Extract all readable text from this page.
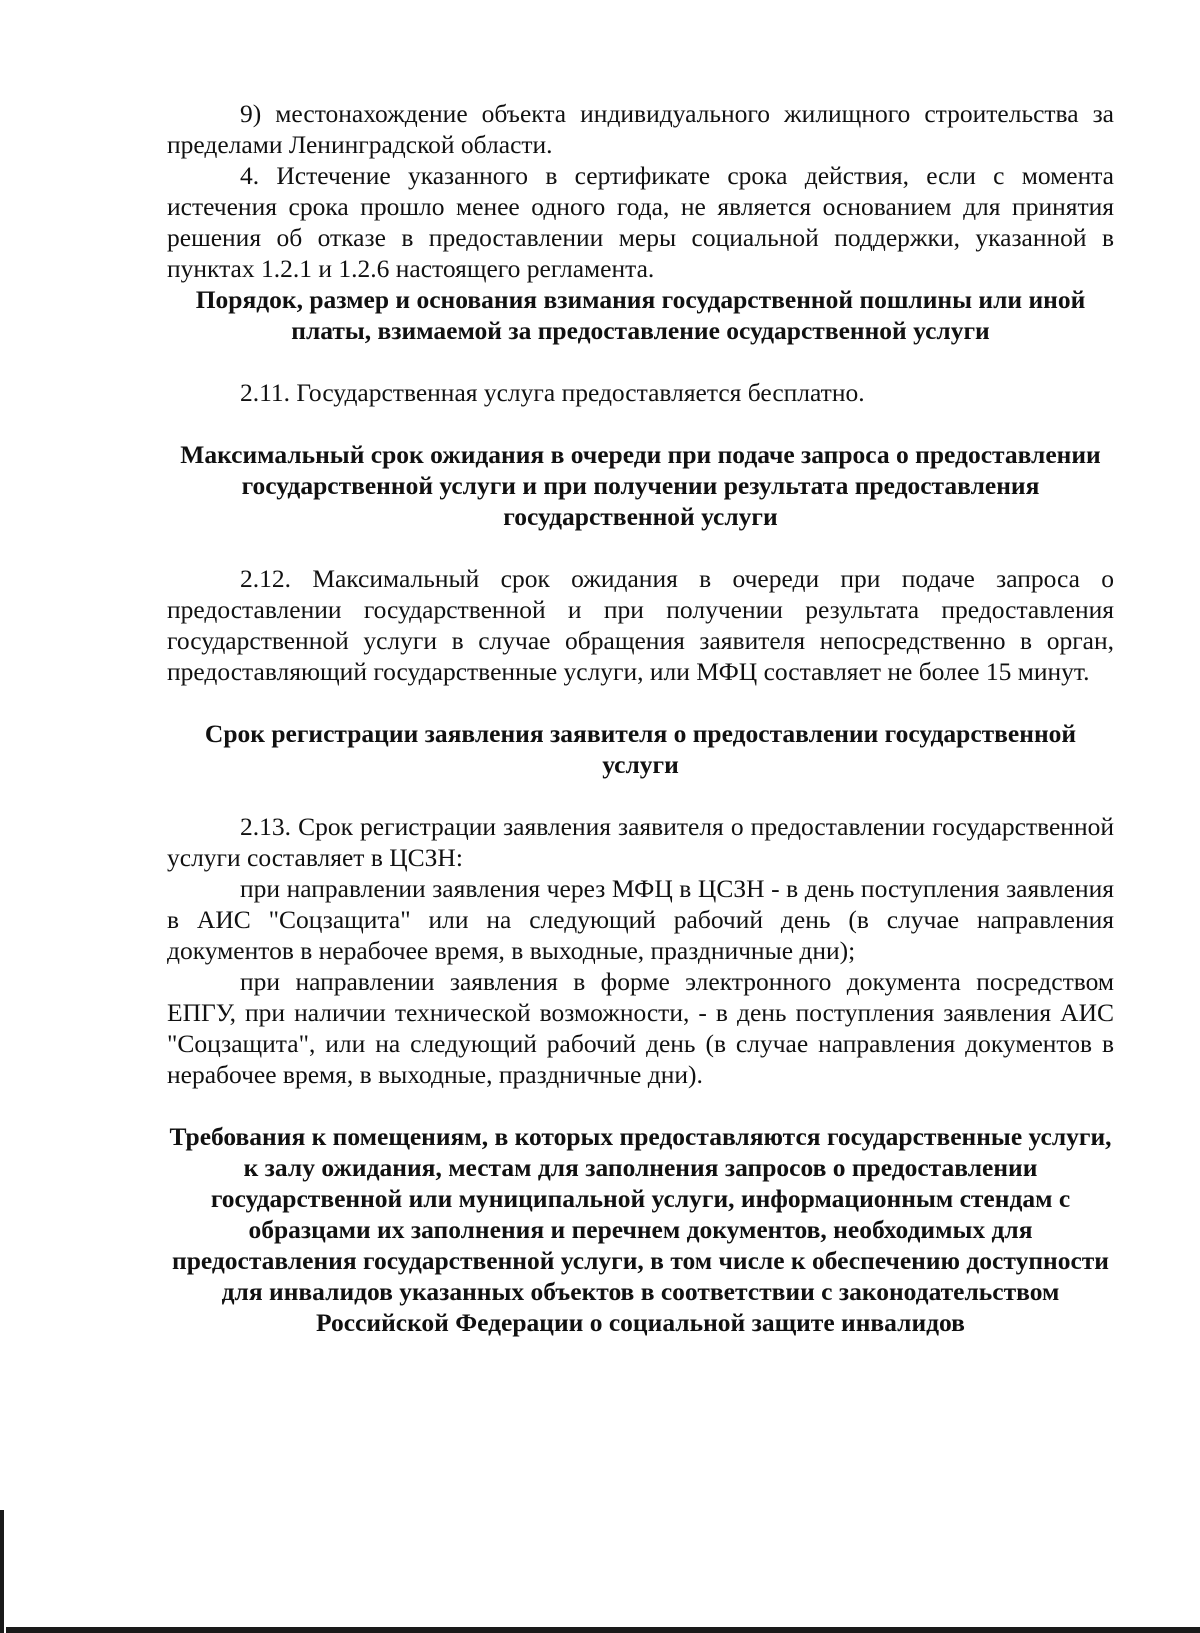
9) местонахождение объекта индивидуального жилищного строительства за пределами Ленинградской области.

4. Истечение указанного в сертификате срока действия, если с момента истечения срока прошло менее одного года, не является основанием для принятия решения об отказе в предоставлении меры социальной поддержки, указанной в пунктах 1.2.1 и 1.2.6 настоящего регламента.

Порядок, размер и основания взимания государственной пошлины или иной платы, взимаемой за предоставление осударственной услуги

2.11. Государственная услуга предоставляется бесплатно.

Максимальный срок ожидания в очереди при подаче запроса о предоставлении государственной услуги и при получении результата предоставления государственной услуги

2.12. Максимальный срок ожидания в очереди при подаче запроса о предоставлении государственной и при получении результата предоставления государственной услуги в случае обращения заявителя непосредственно в орган, предоставляющий государственные услуги, или МФЦ составляет не более 15 минут.

Срок регистрации заявления заявителя о предоставлении государственной услуги

2.13. Срок регистрации заявления заявителя о предоставлении государственной услуги составляет в ЦСЗН:

при направлении заявления через МФЦ в ЦСЗН - в день поступления заявления в АИС "Соцзащита" или на следующий рабочий день (в случае направления документов в нерабочее время, в выходные, праздничные дни);

при направлении заявления в форме электронного документа посредством ЕПГУ, при наличии технической возможности, - в день поступления заявления АИС "Соцзащита", или на следующий рабочий день (в случае направления документов в нерабочее время, в выходные, праздничные дни).

Требования к помещениям, в которых предоставляются государственные услуги, к залу ожидания, местам для заполнения запросов о предоставлении государственной или муниципальной услуги, информационным стендам с образцами их заполнения и перечнем документов, необходимых для предоставления государственной услуги, в том числе к обеспечению доступности для инвалидов указанных объектов в соответствии с законодательством Российской Федерации о социальной защите инвалидов
